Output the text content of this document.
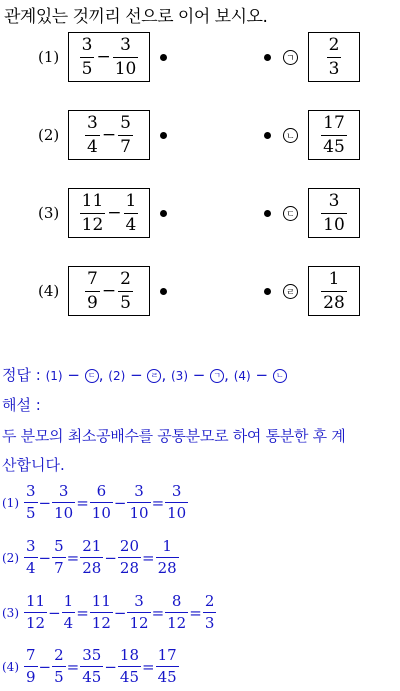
관계있는 것끼리 선으로 이어 보시오.
(1)	$\frac{3}{5} - \frac{3}{10}$
(2)	$\frac{3}{4} - \frac{5}{7}$
(3)	$\frac{11}{12} - \frac{1}{4}$
(4)	$\frac{7}{9} - \frac{2}{5}$
ㄱ $\frac{2}{3}$
ㄴ $\frac{17}{45}$
ㄷ $\frac{3}{10}$
ㄹ $\frac{1}{28}$
정답 : (1) − ㄷ , (2) − ㄹ , (3) − ㄱ , (4) − ㄴ
해설 :
두 분모의 최소공배수를 공통분모로 하여 통분한 후 계
산합니다.
$(1) \frac{3}{5} - \frac{3}{10} = \frac{6}{10} - \frac{3}{10} = \frac{3}{10}$
$(2) \frac{3}{4} - \frac{5}{7} = \frac{21}{28} - \frac{20}{28} = \frac{1}{28}$
$(3) \frac{11}{12} - \frac{1}{4} = \frac{11}{12} - \frac{3}{12} = \frac{8}{12} = \frac{2}{3}$
$(4) \frac{7}{9} - \frac{2}{5} = \frac{35}{45} - \frac{18}{45} = \frac{17}{45}$
